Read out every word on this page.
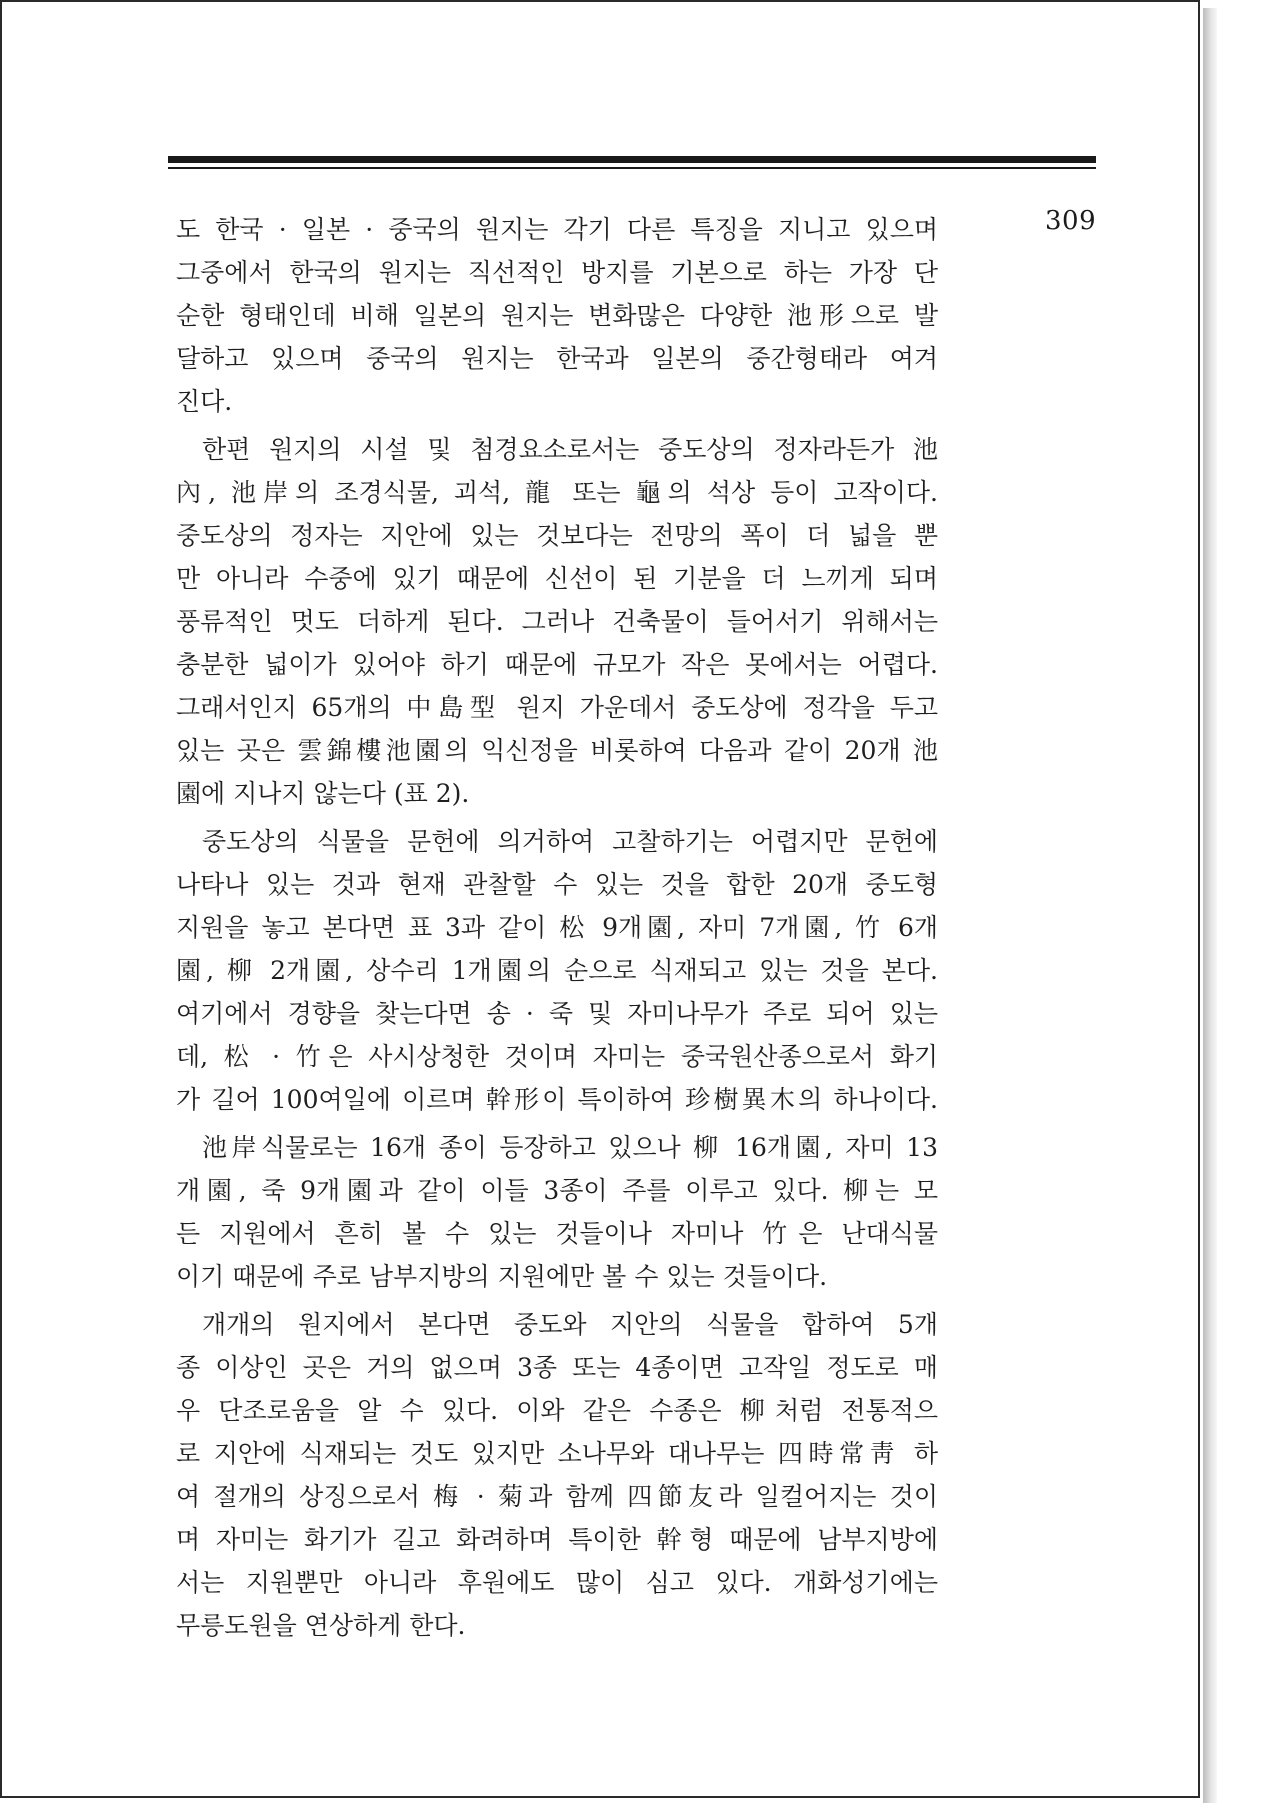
309
도 한국 · 일본 · 중국의 원지는 각기 다른 특징을 지니고 있으며
그중에서 한국의 원지는 직선적인 방지를 기본으로 하는 가장 단
순한 형태인데 비해 일본의 원지는 변화많은 다양한 池形으로 발
달하고 있으며 중국의 원지는 한국과 일본의 중간형태라 여겨
진다.
한편 원지의 시설 및 첨경요소로서는 중도상의 정자라든가 池
內, 池岸의 조경식물, 괴석, 龍 또는 龜의 석상 등이 고작이다.
중도상의 정자는 지안에 있는 것보다는 전망의 폭이 더 넓을 뿐
만 아니라 수중에 있기 때문에 신선이 된 기분을 더 느끼게 되며
풍류적인 멋도 더하게 된다. 그러나 건축물이 들어서기 위해서는
충분한 넓이가 있어야 하기 때문에 규모가 작은 못에서는 어렵다.
그래서인지 65개의 中島型 원지 가운데서 중도상에 정각을 두고
있는 곳은 雲錦樓池園의 익신정을 비롯하여 다음과 같이 20개 池
園에 지나지 않는다 (표 2).
중도상의 식물을 문헌에 의거하여 고찰하기는 어렵지만 문헌에
나타나 있는 것과 현재 관찰할 수 있는 것을 합한 20개 중도형
지원을 놓고 본다면 표 3과 같이 松 9개園, 자미 7개園, 竹 6개
園, 柳 2개園, 상수리 1개園의 순으로 식재되고 있는 것을 본다.
여기에서 경향을 찾는다면 송 · 죽 및 자미나무가 주로 되어 있는
데, 松 · 竹은 사시상청한 것이며 자미는 중국원산종으로서 화기
가 길어 100여일에 이르며 幹形이 특이하여 珍樹異木의 하나이다.
池岸식물로는 16개 종이 등장하고 있으나 柳 16개園, 자미 13
개園, 죽 9개園과 같이 이들 3종이 주를 이루고 있다. 柳는 모
든 지원에서 흔히 볼 수 있는 것들이나 자미나 竹은 난대식물
이기 때문에 주로 남부지방의 지원에만 볼 수 있는 것들이다.
개개의 원지에서 본다면 중도와 지안의 식물을 합하여 5개
종 이상인 곳은 거의 없으며 3종 또는 4종이면 고작일 정도로 매
우 단조로움을 알 수 있다. 이와 같은 수종은 柳처럼 전통적으
로 지안에 식재되는 것도 있지만 소나무와 대나무는 四時常靑 하
여 절개의 상징으로서 梅 · 菊과 함께 四節友라 일컬어지는 것이
며 자미는 화기가 길고 화려하며 특이한 幹형 때문에 남부지방에
서는 지원뿐만 아니라 후원에도 많이 심고 있다. 개화성기에는
무릉도원을 연상하게 한다.
